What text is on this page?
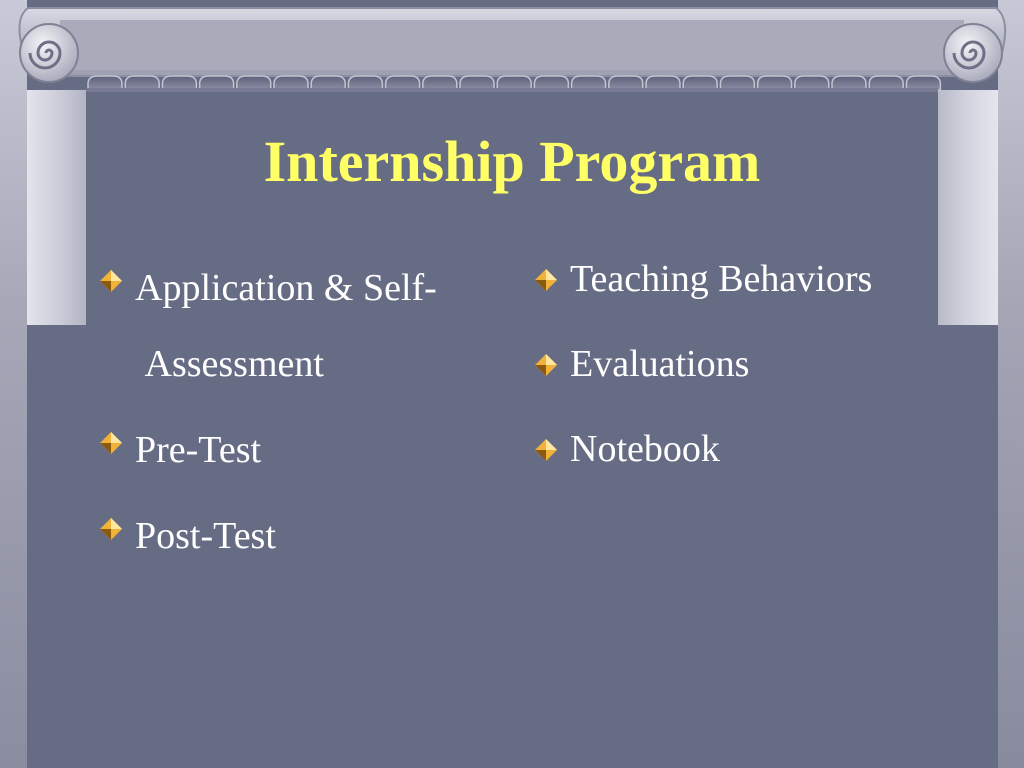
Internship Program
Application & Self- Assessment
Pre-Test
Post-Test
Teaching Behaviors
Evaluations
Notebook
